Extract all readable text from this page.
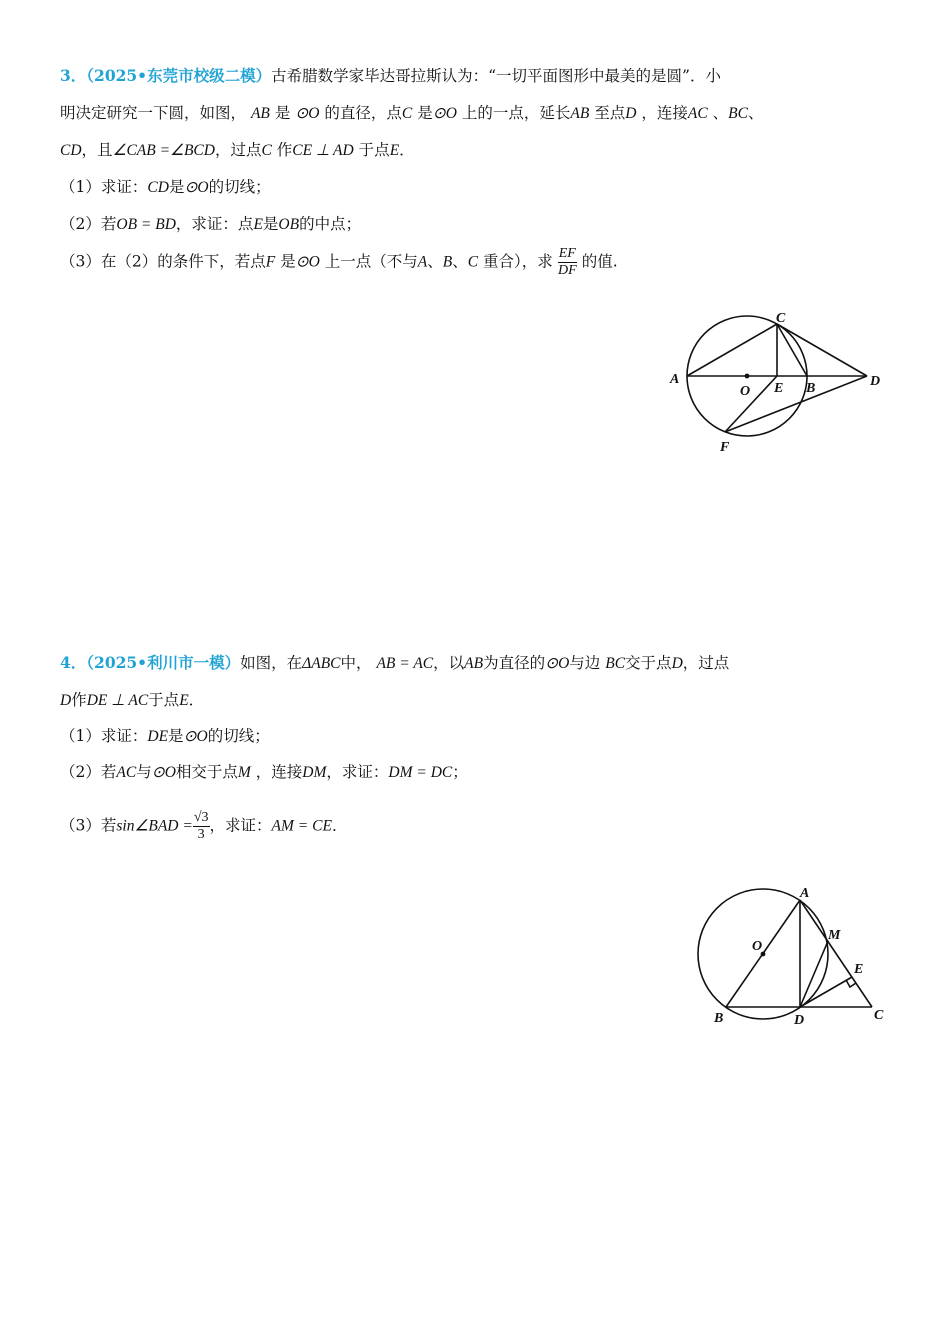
3．（2025•东莞市校级二模）古希腊数学家毕达哥拉斯认为：“一切平面图形中最美的是圆”．小
明决定研究一下圆，如图， AB 是 ⊙O 的直径，点C 是⊙O 上的一点，延长AB 至点D ，连接AC 、BC、
CD，且∠CAB =∠BCD，过点C 作CE ⊥ AD 于点E．
（1）求证：CD是⊙O的切线；
（2）若OB = BD，求证：点E是OB的中点；
（3）在（2）的条件下，若点F 是⊙O 上一点（不与A、B、C 重合），求 $\frac{EF}{DF}$ 的值.
A
O E B	D
C
F
4．（2025•利川市一模）如图，在ΔABC中， AB = AC，以AB为直径的⊙O与边 BC交于点D，过点
D作DE ⊥ AC于点E．
（1）求证：DE是⊙O的切线；
（2）若AC与⊙O相交于点M ，连接DM，求证：DM = DC；
（3）若sin∠BAD = $\frac{√3}{3}$ ，求证：AM = CE．
A
O
M
E
B	D	C
